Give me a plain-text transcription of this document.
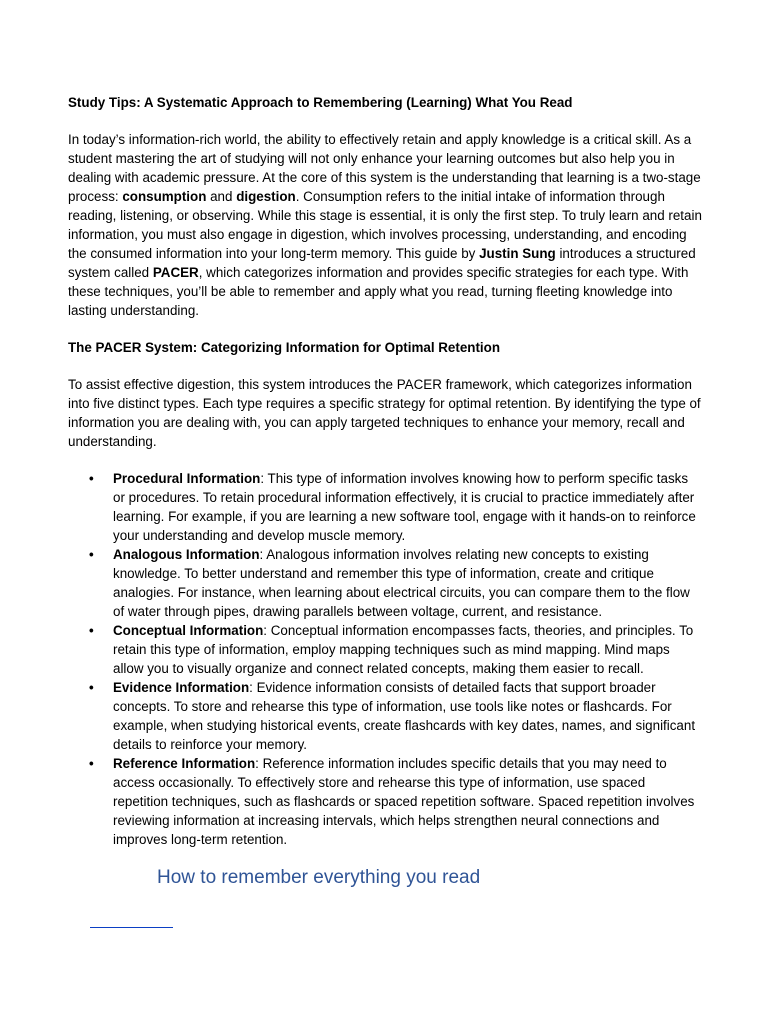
Study Tips: A Systematic Approach to Remembering (Learning) What You Read

In today’s information-rich world, the ability to effectively retain and apply knowledge is a critical skill. As a student mastering the art of studying will not only enhance your learning outcomes but also help you in dealing with academic pressure. At the core of this system is the understanding that learning is a two-stage process: consumption and digestion. Consumption refers to the initial intake of information through reading, listening, or observing. While this stage is essential, it is only the first step. To truly learn and retain information, you must also engage in digestion, which involves processing, understanding, and encoding the consumed information into your long-term memory. This guide by Justin Sung introduces a structured system called PACER, which categorizes information and provides specific strategies for each type. With these techniques, you’ll be able to remember and apply what you read, turning fleeting knowledge into lasting understanding.

The PACER System: Categorizing Information for Optimal Retention

To assist effective digestion, this system introduces the PACER framework, which categorizes information into five distinct types. Each type requires a specific strategy for optimal retention. By identifying the type of information you are dealing with, you can apply targeted techniques to enhance your memory, recall and understanding.

• Procedural Information: This type of information involves knowing how to perform specific tasks or procedures. To retain procedural information effectively, it is crucial to practice immediately after learning. For example, if you are learning a new software tool, engage with it hands-on to reinforce your understanding and develop muscle memory.
• Analogous Information: Analogous information involves relating new concepts to existing knowledge. To better understand and remember this type of information, create and critique analogies. For instance, when learning about electrical circuits, you can compare them to the flow of water through pipes, drawing parallels between voltage, current, and resistance.
• Conceptual Information: Conceptual information encompasses facts, theories, and principles. To retain this type of information, employ mapping techniques such as mind mapping. Mind maps allow you to visually organize and connect related concepts, making them easier to recall.
• Evidence Information: Evidence information consists of detailed facts that support broader concepts. To store and rehearse this type of information, use tools like notes or flashcards. For example, when studying historical events, create flashcards with key dates, names, and significant details to reinforce your memory.
• Reference Information: Reference information includes specific details that you may need to access occasionally. To effectively store and rehearse this type of information, use spaced repetition techniques, such as flashcards or spaced repetition software. Spaced repetition involves reviewing information at increasing intervals, which helps strengthen neural connections and improves long-term retention.
How to remember everything you read
